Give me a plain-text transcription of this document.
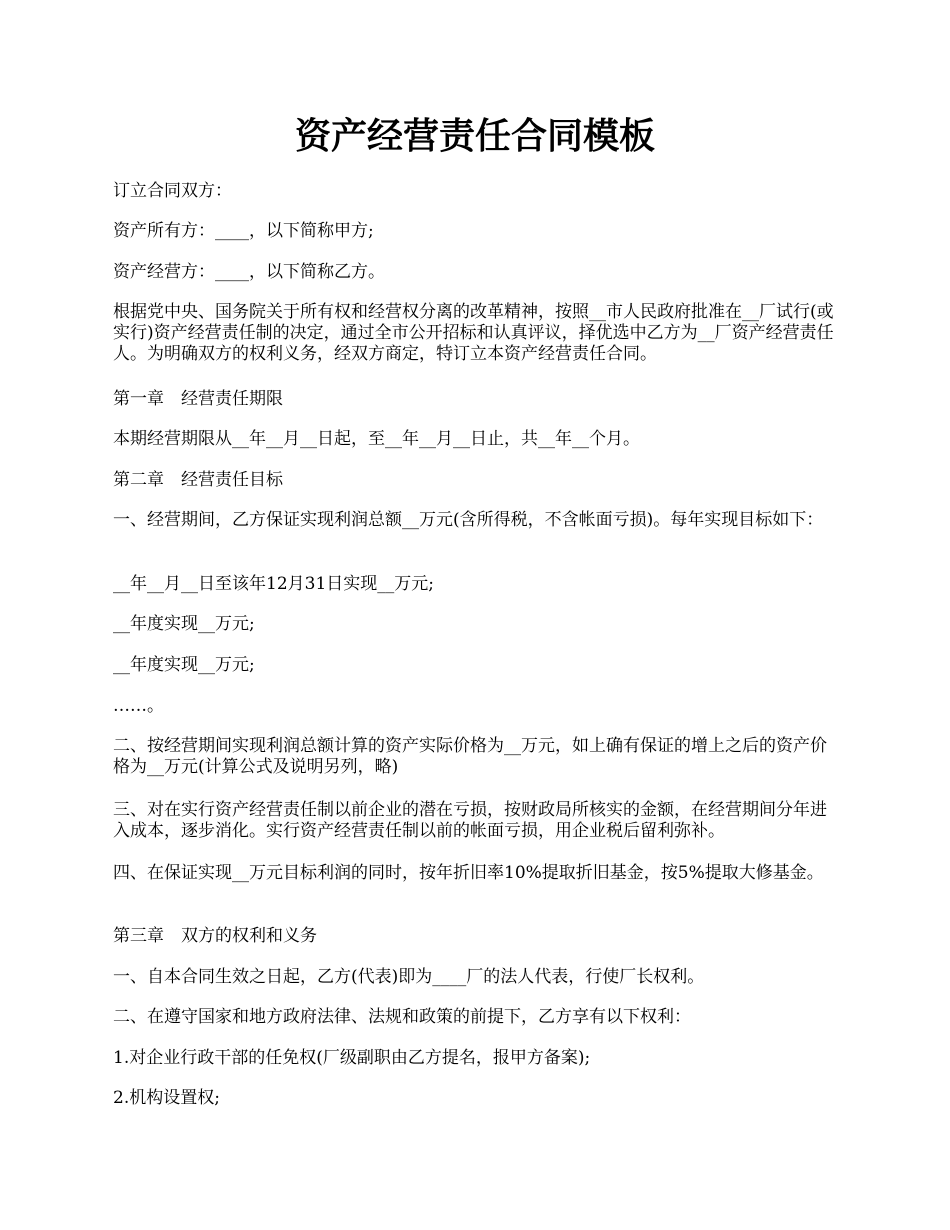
资产经营责任合同模板
订立合同双方：
资产所有方：____，以下简称甲方;
资产经营方：____，以下简称乙方。
根据党中央、国务院关于所有权和经营权分离的改革精神，按照__市人民政府批准在__厂试行(或实行)资产经营责任制的决定，通过全市公开招标和认真评议，择优选中乙方为__厂资产经营责任人。为明确双方的权利义务，经双方商定，特订立本资产经营责任合同。
第一章　经营责任期限
本期经营期限从__年__月__日起，至__年__月__日止，共__年__个月。
第二章　经营责任目标
一、经营期间，乙方保证实现利润总额__万元(含所得税，不含帐面亏损)。每年实现目标如下：
__年__月__日至该年12月31日实现__万元;
__年度实现__万元;
__年度实现__万元;
……。
二、按经营期间实现利润总额计算的资产实际价格为__万元，如上确有保证的增上之后的资产价格为__万元(计算公式及说明另列，略)
三、对在实行资产经营责任制以前企业的潜在亏损，按财政局所核实的金额，在经营期间分年进入成本，逐步消化。实行资产经营责任制以前的帐面亏损，用企业税后留利弥补。
四、在保证实现__万元目标利润的同时，按年折旧率10%提取折旧基金，按5%提取大修基金。
第三章　双方的权利和义务
一、自本合同生效之日起，乙方(代表)即为____厂的法人代表，行使厂长权利。
二、在遵守国家和地方政府法律、法规和政策的前提下，乙方享有以下权利：
1.对企业行政干部的任免权(厂级副职由乙方提名，报甲方备案);
2.机构设置权;
